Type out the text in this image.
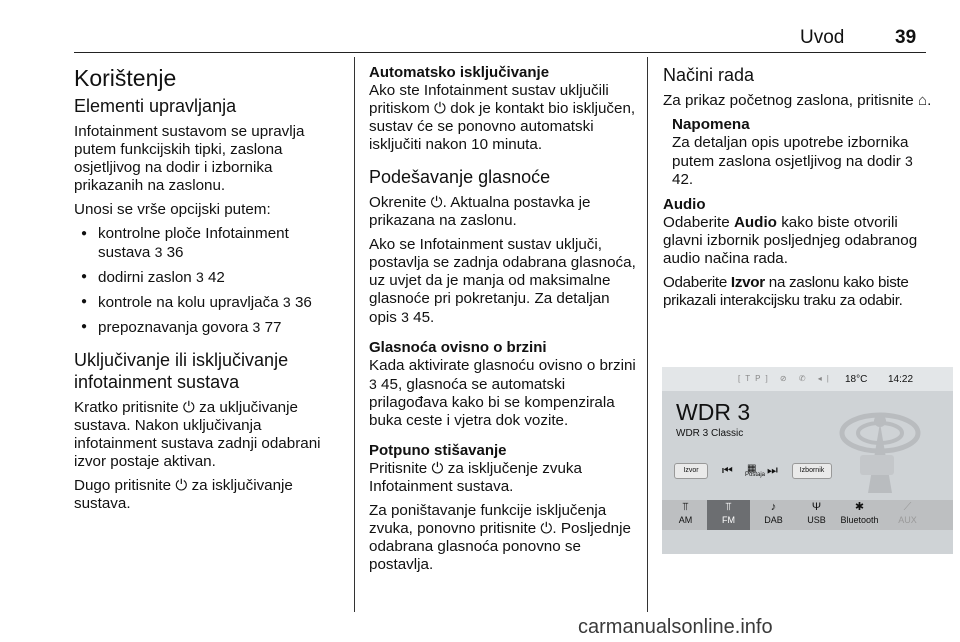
Uvod	39
Korištenje
Elementi upravljanja

Infotainment sustavom se upravlja putem funkcijskih tipki, zaslona osjetljivog na dodir i izbornika prikazanih na zaslonu.

Unosi se vrše opcijski putem:

● kontrolne ploče Infotainment sustava 3 36
● dodirni zaslon 3 42
● kontrole na kolu upravljača 3 36
● prepoznavanja govora 3 77
Uključivanje ili isključivanje infotainment sustava

Kratko pritisnite ⏻ za uključivanje sustava. Nakon uključivanja infotainment sustava zadnji odabrani izvor postaje aktivan.

Dugo pritisnite ⏻ za isključivanje sustava.

Automatsko isključivanje

Ako ste Infotainment sustav uključili pritiskom ⏻ dok je kontakt bio isključen, sustav će se ponovno automatski isključiti nakon 10 minuta.

Podešavanje glasnoće

Okrenite ⏻. Aktualna postavka je prikazana na zaslonu.

Ako se Infotainment sustav uključi, postavlja se zadnja odabrana glasnoća, uz uvjet da je manja od maksimalne glasnoće pri pokretanju. Za detaljan opis 3 45.

Glasnoća ovisno o brzini

Kada aktivirate glasnoću ovisno o brzini 3 45, glasnoća se automatski prilagođava kako bi se kompenzirala buka ceste i vjetra dok vozite.

Potpuno stišavanje

Pritisnite ⏻ za isključenje zvuka Infotainment sustava.

Za poništavanje funkcije isključenja zvuka, ponovno pritisnite ⏻. Posljednje odabrana glasnoća ponovno se postavlja.

Načini rada

Za prikaz početnog zaslona, pritisnite ⌂.

Napomena
Za detaljan opis upotrebe izbornika putem zaslona osjetljivog na dodir 3 42.
Audio

Odaberite Audio kako biste otvorili glavni izbornik posljednjeg odabranog audio načina rada.

Odaberite Izvor na zaslonu kako biste prikazali interakcijsku traku za odabir.

[TP] ⊘ ✆ ◂| 18°C 14:22
WDR 3
WDR 3 Classic
Izvor	⏮ ▦
Postaja ⏭	Izbornik
⫪
AM
⫪
FM
♪
DAB
Ψ
USB
✱
Bluetooth
⟋
AUX
carmanualsonline.info
